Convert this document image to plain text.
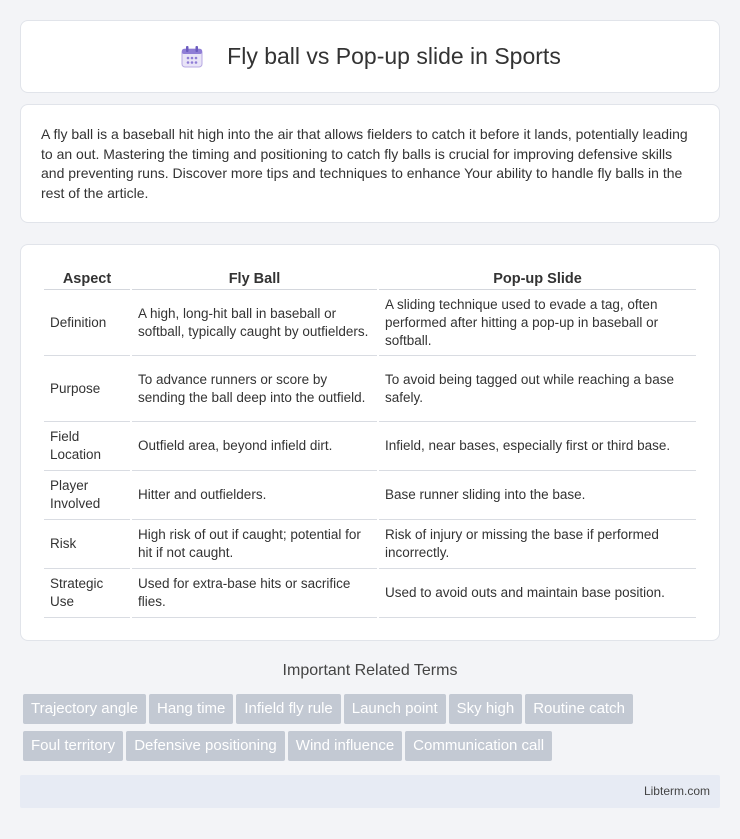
Fly ball vs Pop-up slide in Sports

A fly ball is a baseball hit high into the air that allows fielders to catch it before it lands, potentially leading to an out. Mastering the timing and positioning to catch fly balls is crucial for improving defensive skills and preventing runs. Discover more tips and techniques to enhance Your ability to handle fly balls in the rest of the article.

Aspect	Fly Ball	Pop-up Slide
Definition	A high, long-hit ball in baseball or softball, typically caught by outfielders.	A sliding technique used to evade a tag, often performed after hitting a pop-up in baseball or softball.
Purpose	To advance runners or score by sending the ball deep into the outfield.	To avoid being tagged out while reaching a base safely.
Field Location	Outfield area, beyond infield dirt.	Infield, near bases, especially first or third base.
Player Involved	Hitter and outfielders.	Base runner sliding into the base.
Risk	High risk of out if caught; potential for hit if not caught.	Risk of injury or missing the base if performed incorrectly.
Strategic Use	Used for extra-base hits or sacrifice flies.	Used to avoid outs and maintain base position.
Important Related Terms
Trajectory angle Hang time Infield fly rule Launch point Sky high Routine catchFoul territory Defensive positioning Wind influence Communication call
Libterm.com
